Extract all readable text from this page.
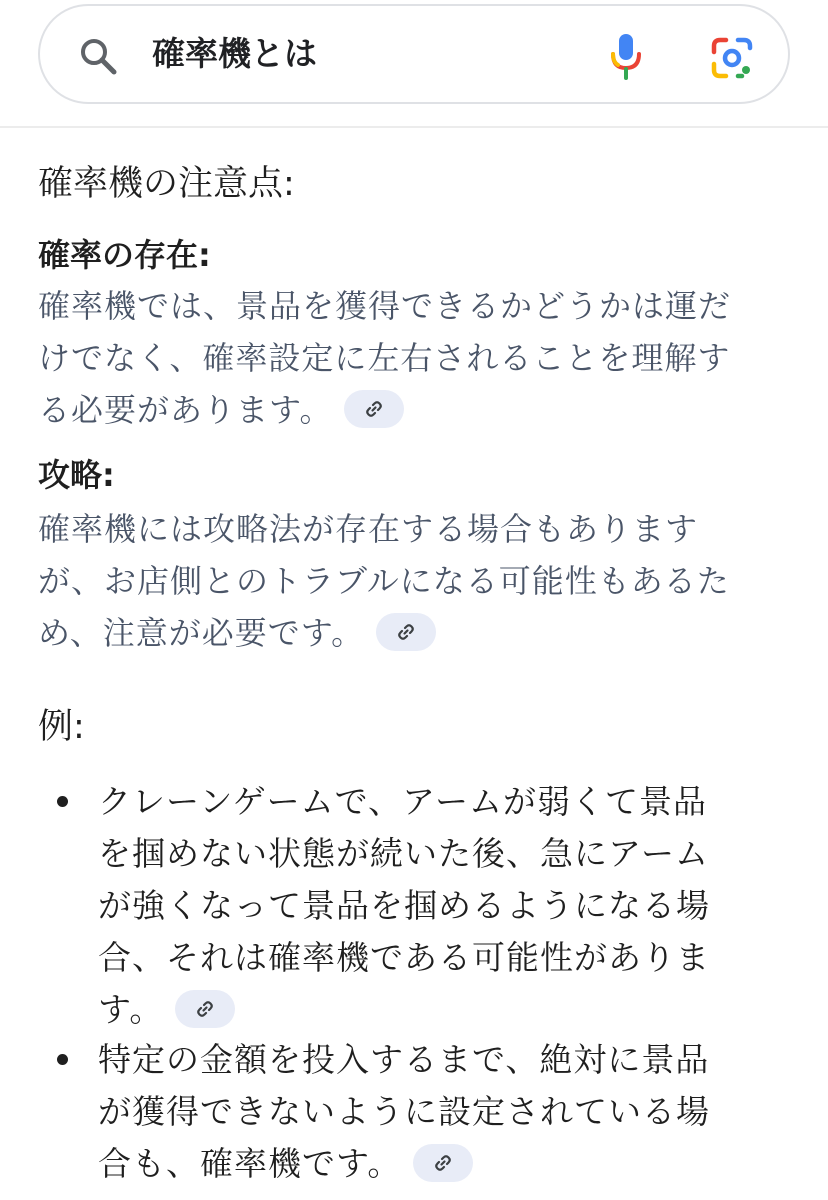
確率機とは
確率機の注意点:
確率の存在:
確率機では、景品を獲得できるかどうかは運だ
けでなく、確率設定に左右されることを理解す
る必要があります。
攻略:
確率機には攻略法が存在する場合もあります
が、お店側とのトラブルになる可能性もあるた
め、注意が必要です。
例:
クレーンゲームで、アームが弱くて景品
を掴めない状態が続いた後、急にアーム
が強くなって景品を掴めるようになる場
合、それは確率機である可能性がありま
す。
特定の金額を投入するまで、絶対に景品
が獲得できないように設定されている場
合も、確率機です。
